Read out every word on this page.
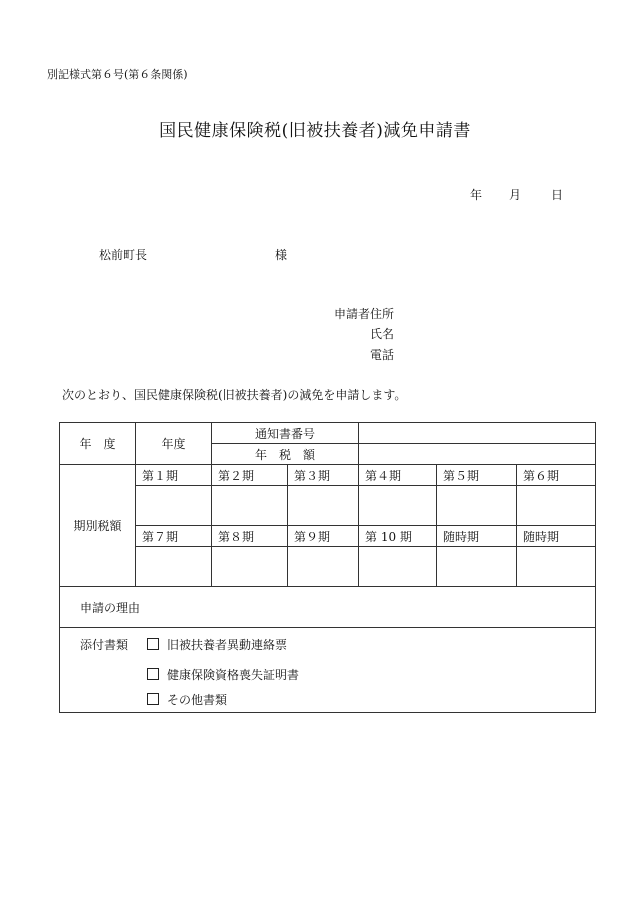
別記様式第６号(第６条関係)
国民健康保険税(旧被扶養者)減免申請書
年 月 日
松前町長	様
申請者住所
氏名
電話
次のとおり、国民健康保険税(旧被扶養者)の減免を申請します。
年　度	年度	通知書番号				
		年　税　額				
期別税額	第１期	第２期	第３期	第４期	第５期	第６期

	第７期	第８期	第９期	第 10 期	随時期	随時期

申請の理由						

添付書類 旧被扶養者異動連絡票
健康保険資格喪失証明書
その他書類						
